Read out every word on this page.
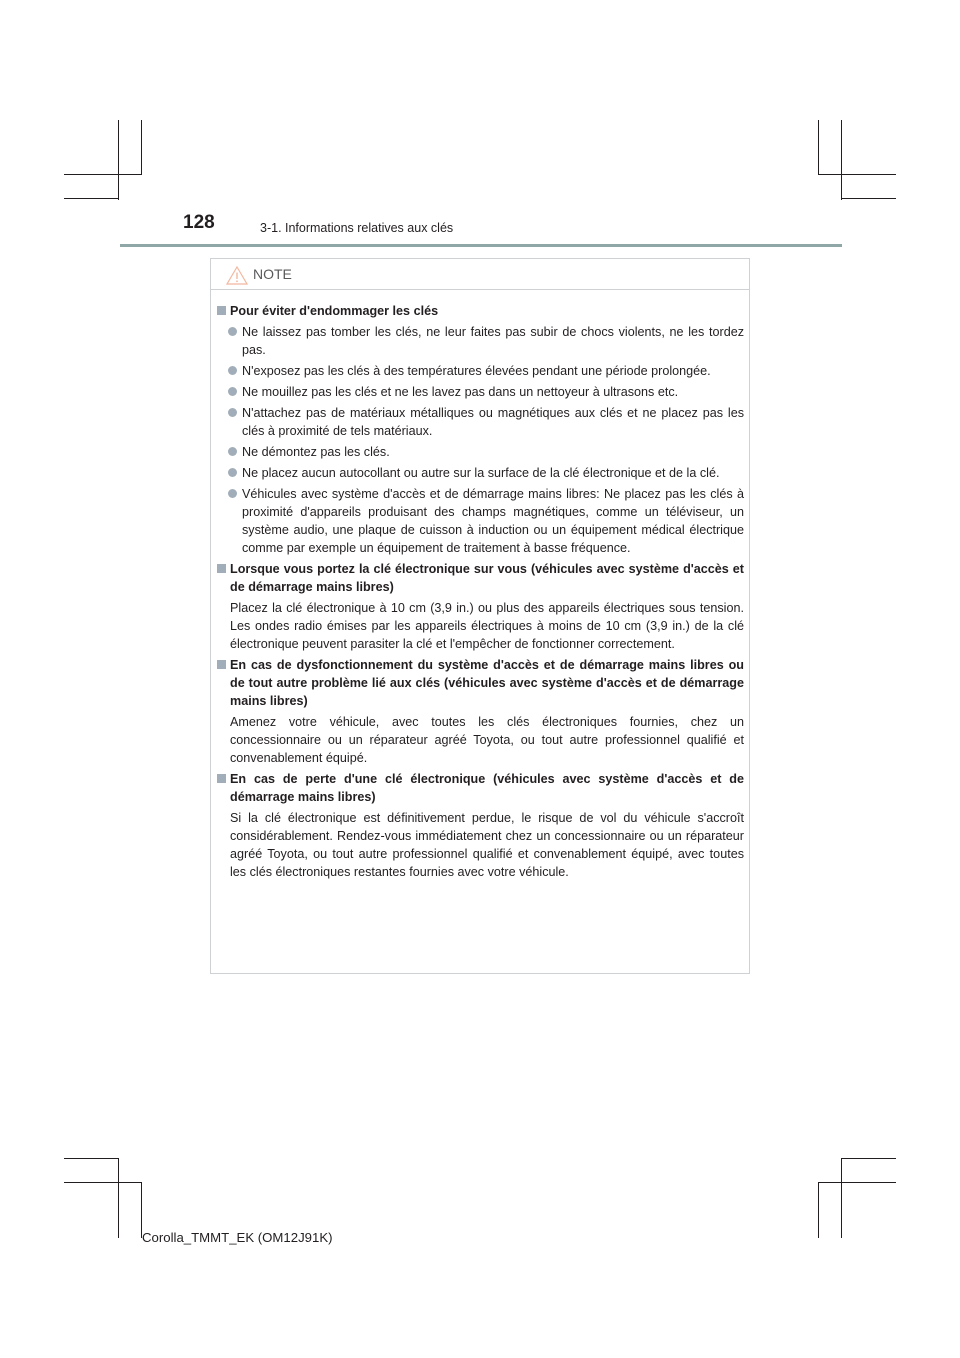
128	3-1. Informations relatives aux clés
NOTE
Pour éviter d'endommager les clés
Ne laissez pas tomber les clés, ne leur faites pas subir de chocs violents, ne les tordez pas.
N'exposez pas les clés à des températures élevées pendant une période prolongée.
Ne mouillez pas les clés et ne les lavez pas dans un nettoyeur à ultrasons etc.
N'attachez pas de matériaux métalliques ou magnétiques aux clés et ne placez pas les clés à proximité de tels matériaux.
Ne démontez pas les clés.
Ne placez aucun autocollant ou autre sur la surface de la clé électronique et de la clé.
Véhicules avec système d'accès et de démarrage mains libres: Ne placez pas les clés à proximité d'appareils produisant des champs magnétiques, comme un téléviseur, un système audio, une plaque de cuisson à induction ou un équipement médical électrique comme par exemple un équipement de traitement à basse fréquence.
Lorsque vous portez la clé électronique sur vous (véhicules avec système d'accès et de démarrage mains libres)
Placez la clé électronique à 10 cm (3,9 in.) ou plus des appareils électriques sous tension. Les ondes radio émises par les appareils électriques à moins de 10 cm (3,9 in.) de la clé électronique peuvent parasiter la clé et l'empêcher de fonctionner correctement.
En cas de dysfonctionnement du système d'accès et de démarrage mains libres ou de tout autre problème lié aux clés (véhicules avec système d'accès et de démarrage mains libres)
Amenez votre véhicule, avec toutes les clés électroniques fournies, chez un concessionnaire ou un réparateur agréé Toyota, ou tout autre professionnel qualifié et convenablement équipé.
En cas de perte d'une clé électronique (véhicules avec système d'accès et de démarrage mains libres)
Si la clé électronique est définitivement perdue, le risque de vol du véhicule s'accroît considérablement. Rendez-vous immédiatement chez un concessionnaire ou un réparateur agréé Toyota, ou tout autre professionnel qualifié et convenablement équipé, avec toutes les clés électroniques restantes fournies avec votre véhicule.
Corolla_TMMT_EK (OM12J91K)
